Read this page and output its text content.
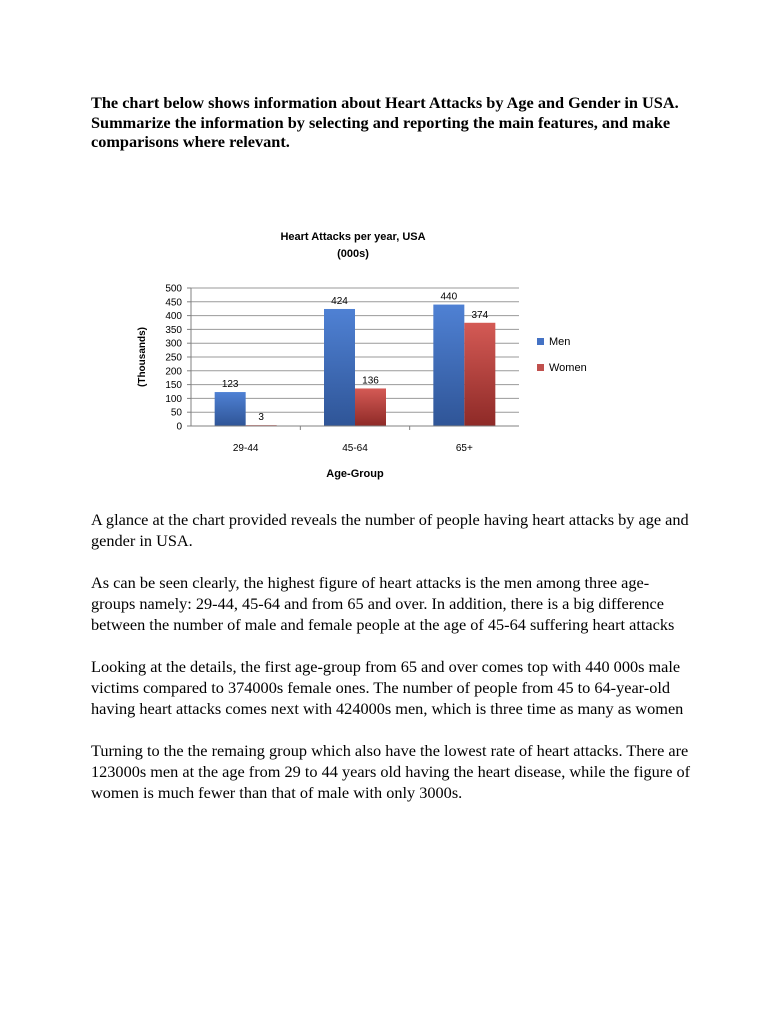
The chart below shows information about Heart Attacks by Age and Gender in USA.

Summarize the information by selecting and reporting the main features, and make comparisons where relevant.

Heart Attacks per year, USA
(000s)
(Thousands)
Age-Group
123
3
424
136
440
374
0
50
100
150
200
250
300
350
400
450
500
29-44	45-64	65+
Men
Women

A glance at the chart provided reveals the number of people having heart attacks by age and gender in USA.

As can be seen clearly, the highest figure of heart attacks is the men among three age-groups namely: 29-44, 45-64 and from 65 and over. In addition, there is a big difference between the number of male and female people at the age of 45-64 suffering heart attacks

Looking at the details, the first age-group from 65 and over comes top with 440 000s male victims compared to 374000s female ones. The number of people from 45 to 64-year-old having heart attacks comes next with 424000s men, which is three time as many as women

Turning to the the remaing group which also have the lowest rate of heart attacks. There are 123000s men at the age from 29 to 44 years old having the heart disease, while the figure of women is much fewer than that of male with only 3000s.
